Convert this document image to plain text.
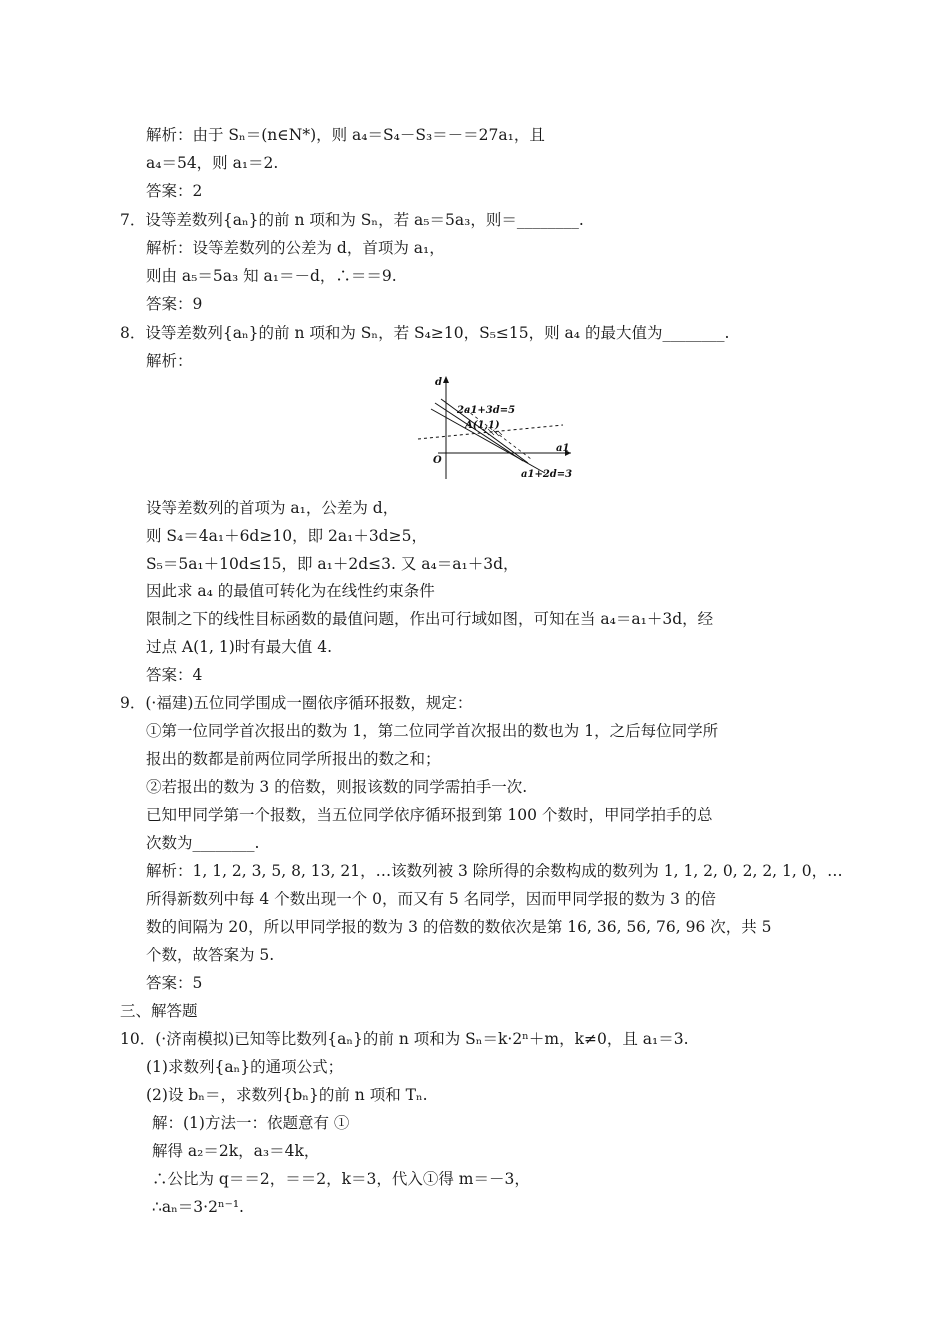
解析：由于 Sₙ＝(n∈N*)，则 a₄＝S₄－S₃＝－＝27a₁，且
a₄＝54，则 a₁＝2.
答案：2
7．设等差数列{aₙ}的前 n 项和为 Sₙ，若 a₅＝5a₃，则＝________.
解析：设等差数列的公差为 d，首项为 a₁，
则由 a₅＝5a₃ 知 a₁＝－d，∴＝＝9.
答案：9
8．设等差数列{aₙ}的前 n 项和为 Sₙ，若 S₄≥10，S₅≤15，则 a₄ 的最大值为________.
解析：
d
a1
O
2a1+3d=5
A(1,1)
a1+2d=3
设等差数列的首项为 a₁，公差为 d，
则 S₄＝4a₁＋6d≥10，即 2a₁＋3d≥5，
S₅＝5a₁＋10d≤15，即 a₁＋2d≤3. 又 a₄＝a₁＋3d，
因此求 a₄ 的最值可转化为在线性约束条件
限制之下的线性目标函数的最值问题，作出可行域如图，可知在当 a₄＝a₁＋3d，经
过点 A(1, 1)时有最大值 4.
答案：4
9．(·福建)五位同学围成一圈依序循环报数，规定：
①第一位同学首次报出的数为 1，第二位同学首次报出的数也为 1，之后每位同学所
报出的数都是前两位同学所报出的数之和；
②若报出的数为 3 的倍数，则报该数的同学需拍手一次.
已知甲同学第一个报数，当五位同学依序循环报到第 100 个数时，甲同学拍手的总
次数为________.
解析：1, 1, 2, 3, 5, 8, 13, 21，…该数列被 3 除所得的余数构成的数列为 1, 1, 2, 0, 2, 2, 1, 0，…
所得新数列中每 4 个数出现一个 0，而又有 5 名同学，因而甲同学报的数为 3 的倍
数的间隔为 20，所以甲同学报的数为 3 的倍数的数依次是第 16, 36, 56, 76, 96 次，共 5
个数，故答案为 5.
答案：5
三、解答题
10．(·济南模拟)已知等比数列{aₙ}的前 n 项和为 Sₙ＝k·2ⁿ＋m，k≠0，且 a₁＝3.
(1)求数列{aₙ}的通项公式；
(2)设 bₙ＝，求数列{bₙ}的前 n 项和 Tₙ.
解：(1)方法一：依题意有 ①
解得 a₂＝2k，a₃＝4k，
∴公比为 q＝＝2，＝＝2，k＝3，代入①得 m＝－3，
∴aₙ＝3·2ⁿ⁻¹.
